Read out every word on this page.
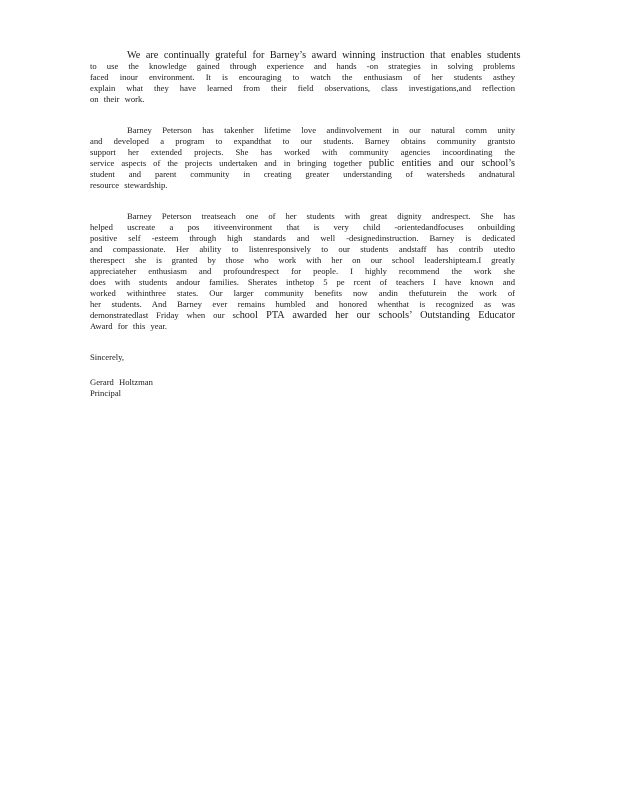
We are continually grateful for Barney’s award winning instruction that enables students
to use the knowledge gained through experience and hands -on strategies in solving problems
faced inour environment. It is encouraging to watch the enthusiasm of her students asthey
explain what they have learned from their field observations, class investigations,and reflection
on their work.
Barney Peterson has takenher lifetime love andinvolvement in our natural comm unity
and developed a program to expandthat to our students. Barney obtains community grantsto
support her extended projects. She has worked with community agencies incoordinating the
service aspects of the projects undertaken and in bringing together public entities and our school’s
student and parent community in creating greater understanding of watersheds andnatural
resource stewardship.
Barney Peterson treatseach one of her students with great dignity andrespect. She has
helped uscreate a pos itiveenvironment that is very child -orientedandfocuses onbuilding
positive self -esteem through high standards and well -designedinstruction. Barney is dedicated
and compassionate. Her ability to listenresponsively to our students andstaff has contrib utedto
therespect she is granted by those who work with her on our school leadershipteam.I greatly
appreciateher enthusiasm and profoundrespect for people. I highly recommend the work she
does with students andour families. Sherates inthetop 5 pe rcent of teachers I have known and
worked withinthree states. Our larger community benefits now andin thefuturein the work of
her students. And Barney ever remains humbled and honored whenthat is recognized as was
demonstratedlast Friday when our school PTA awarded her our schools’ Outstanding Educator
Award for this year.
Sincerely,
Gerard Holtzman
Principal
